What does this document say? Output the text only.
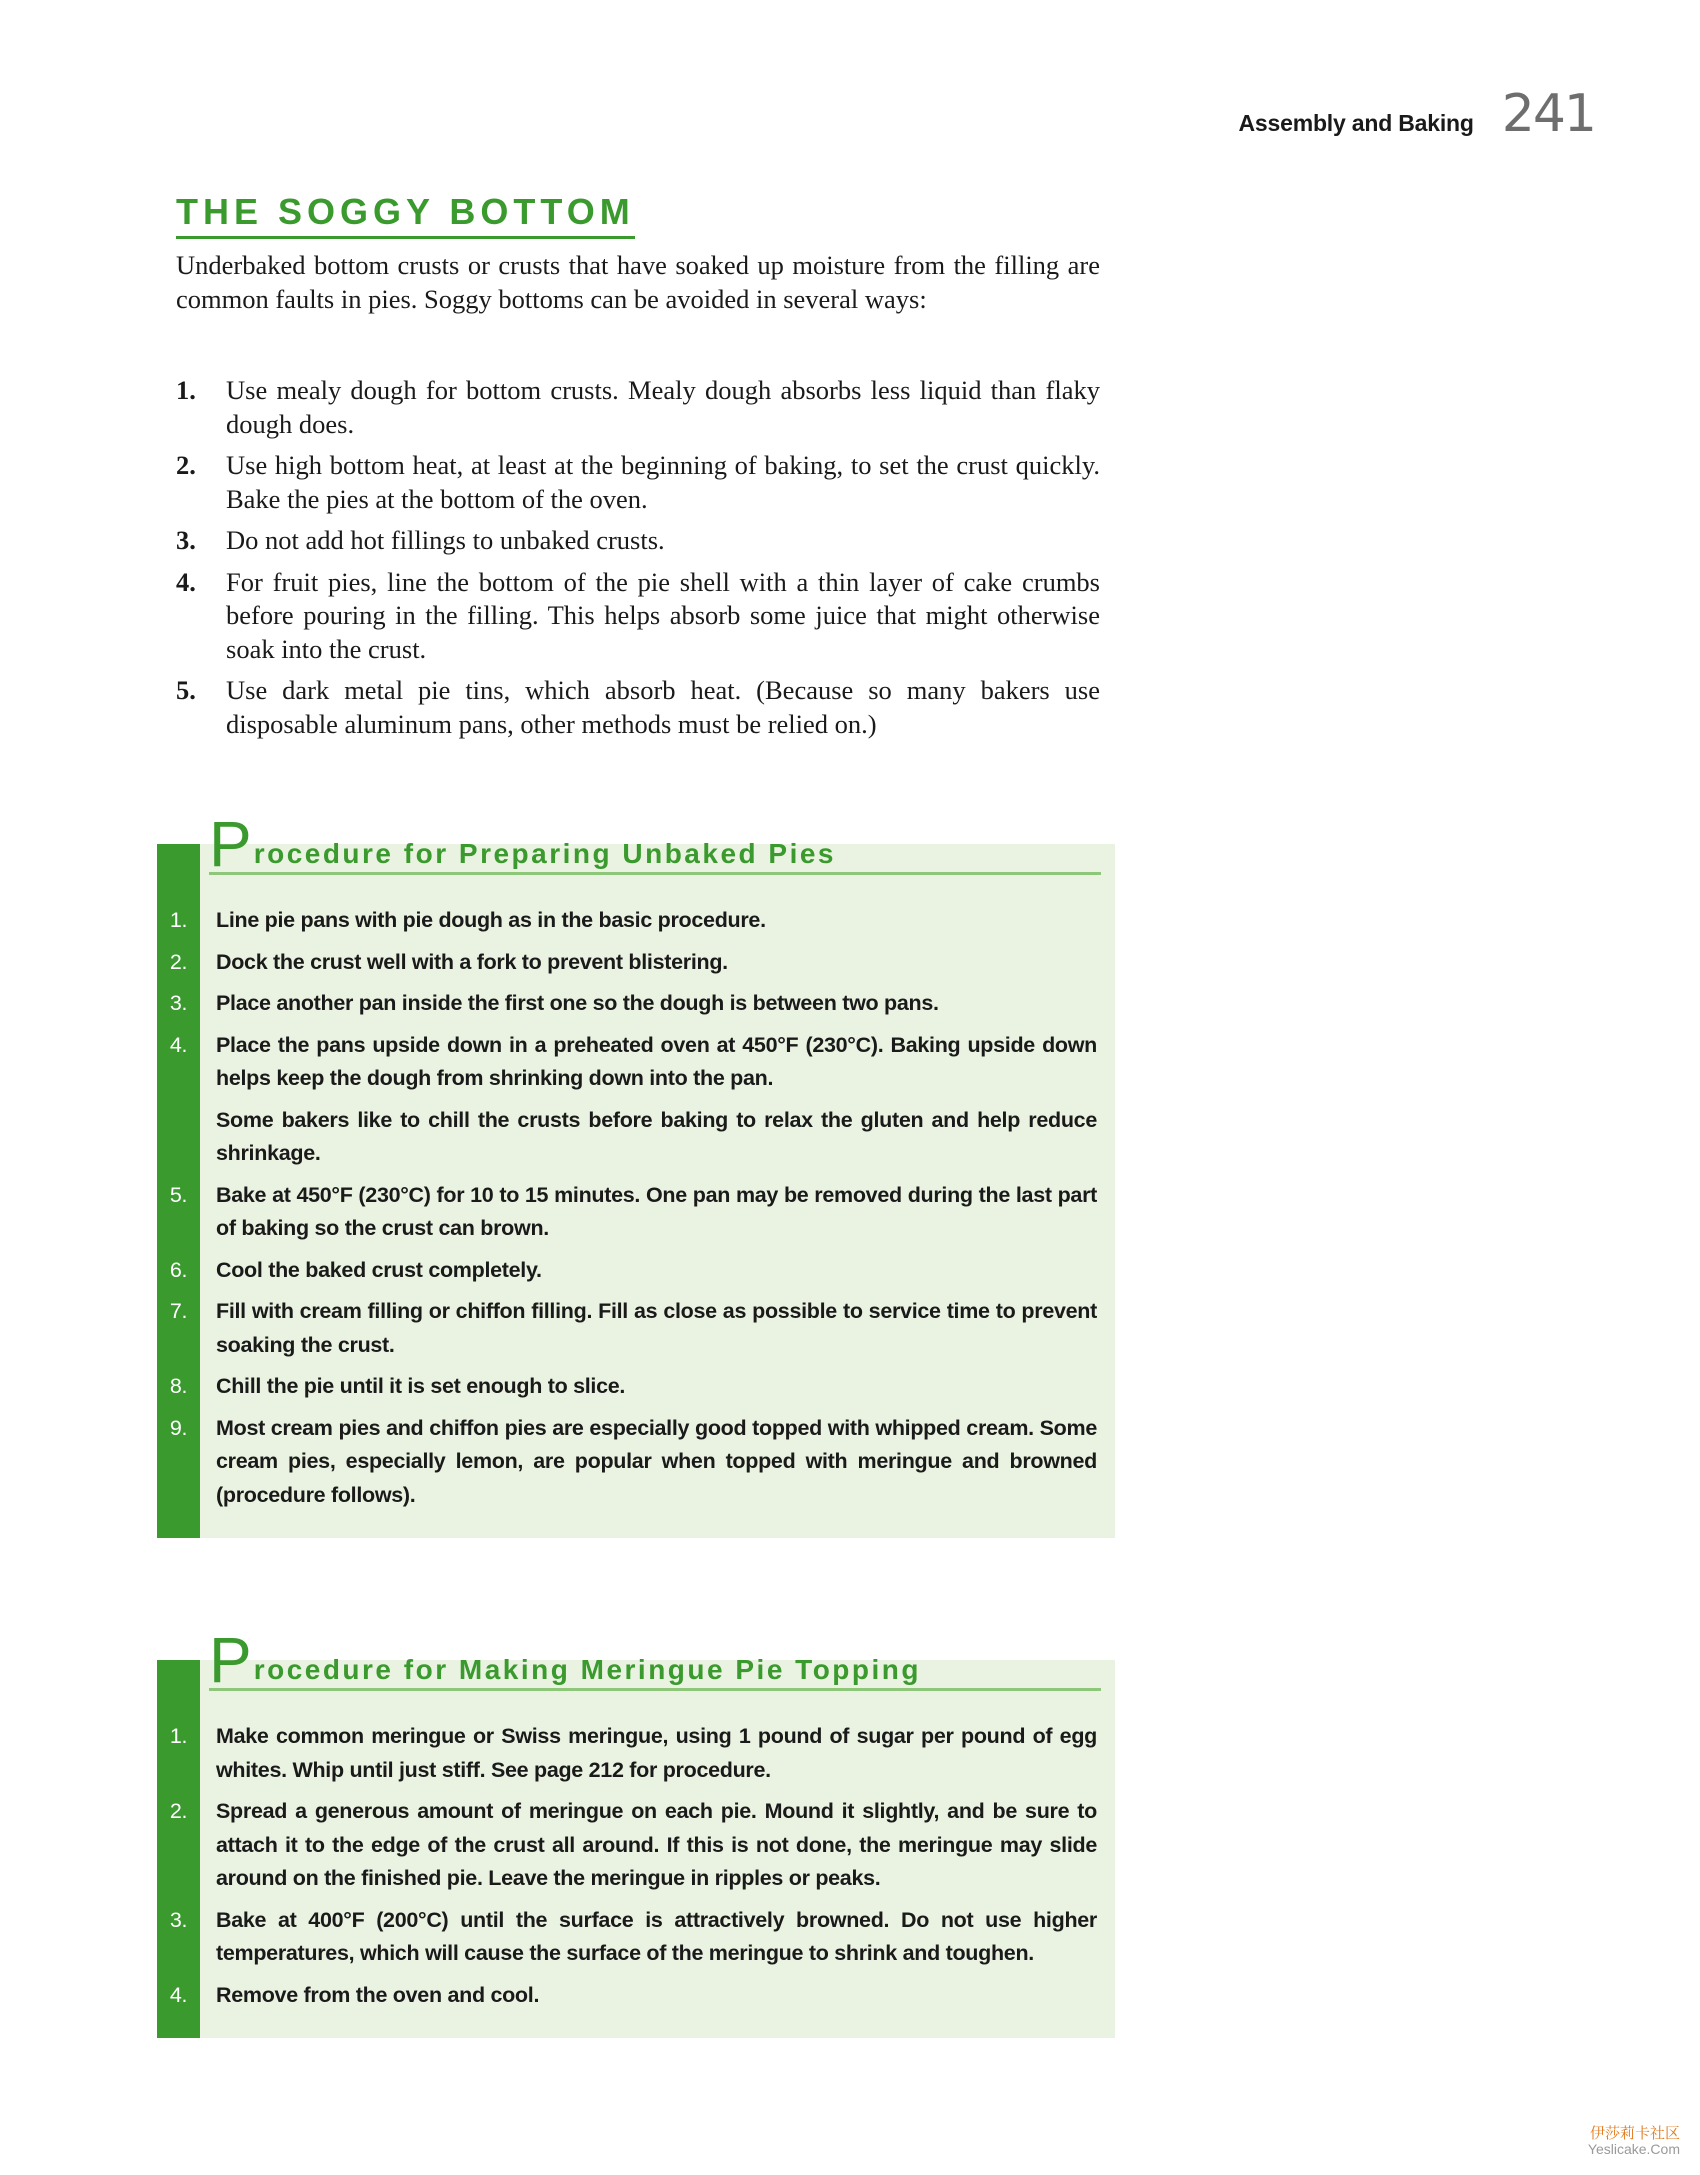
Assembly and Baking 241
THE SOGGY BOTTOM

Underbaked bottom crusts or crusts that have soaked up moisture from the filling are common faults in pies. Soggy bottoms can be avoided in several ways:

1.	Use mealy dough for bottom crusts. Mealy dough absorbs less liquid than flaky dough does.
2.	Use high bottom heat, at least at the beginning of baking, to set the crust quickly. Bake the pies at the bottom of the oven.
3.	Do not add hot fillings to unbaked crusts.
4.	For fruit pies, line the bottom of the pie shell with a thin layer of cake crumbs before pouring in the filling. This helps absorb some juice that might otherwise soak into the crust.
5.	Use dark metal pie tins, which absorb heat. (Because so many bakers use disposable aluminum pans, other methods must be relied on.)
P rocedure for Preparing Unbaked Pies
1.	Line pie pans with pie dough as in the basic procedure.
2.	Dock the crust well with a fork to prevent blistering.
3.	Place another pan inside the first one so the dough is between two pans.
4.	Place the pans upside down in a preheated oven at 450°F (230°C). Baking upside down helps keep the dough from shrinking down into the pan.
Some bakers like to chill the crusts before baking to relax the gluten and help reduce shrinkage.
5.	Bake at 450°F (230°C) for 10 to 15 minutes. One pan may be removed during the last part of baking so the crust can brown.
6.	Cool the baked crust completely.
7.	Fill with cream filling or chiffon filling. Fill as close as possible to service time to prevent soaking the crust.
8.	Chill the pie until it is set enough to slice.
9.	Most cream pies and chiffon pies are especially good topped with whipped cream. Some cream pies, especially lemon, are popular when topped with meringue and browned (procedure follows).
P rocedure for Making Meringue Pie Topping
1.	Make common meringue or Swiss meringue, using 1 pound of sugar per pound of egg whites. Whip until just stiff. See page 212 for procedure.
2.	Spread a generous amount of meringue on each pie. Mound it slightly, and be sure to attach it to the edge of the crust all around. If this is not done, the meringue may slide around on the finished pie. Leave the meringue in ripples or peaks.
3.	Bake at 400°F (200°C) until the surface is attractively browned. Do not use higher temperatures, which will cause the surface of the meringue to shrink and toughen.
4.	Remove from the oven and cool.
伊莎莉卡社区
Yeslicake.Com
